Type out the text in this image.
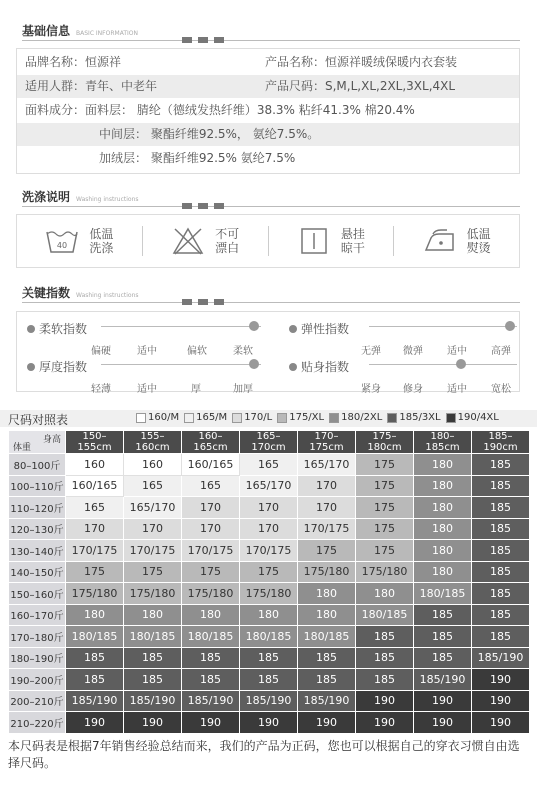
基础信息 BASIC INFORMATION
品牌名称：恒源祥	产品名称：恒源祥暖绒保暖内衣套装
适用人群：青年、中老年	产品尺码：S,M,L,XL,2XL,3XL,4XL
面料成分：面料层： 腈纶（德绒发热纤维）38.3% 粘纤41.3% 棉20.4%
中间层： 聚酯纤维92.5%， 氨纶7.5%。
加绒层： 聚酯纤维92.5% 氨纶7.5%
洗涤说明 Washing instructions
40
低温
洗涤
不可
漂白
悬挂
晾干
低温
熨烫
关键指数 Washing instructions
柔软指数
偏硬	适中	偏软	柔软
弹性指数
无弹 微弹 适中 高弹
厚度指数
轻薄	适中	厚	加厚
贴身指数
紧身 修身 适中 宽松
尺码对照表	160/M 165/M 170/L 175/XL 180/2XL 185/3XL 190/4XL
身高
体重	150–155cm	155–160cm	160–165cm	165–170cm	170–175cm	175–180cm	180–185cm	185–190cm
80–100斤	160	160	160/165	165	165/170	175	180	185
100–110斤	160/165	165	165	165/170	170	175	180	185
110–120斤	165	165/170	170	170	170	175	180	185
120–130斤	170	170	170	170	170/175	175	180	185
130–140斤	170/175	170/175	170/175	170/175	175	175	180	185
140–150斤	175	175	175	175	175/180	175/180	180	185
150–160斤	175/180	175/180	175/180	175/180	180	180	180/185	185
160–170斤	180	180	180	180	180	180/185	185	185
170–180斤	180/185	180/185	180/185	180/185	180/185	185	185	185
180–190斤	185	185	185	185	185	185	185	185/190
190–200斤	185	185	185	185	185	185	185/190	190
200–210斤	185/190	185/190	185/190	185/190	185/190	190	190	190
210–220斤	190	190	190	190	190	190	190	190
本尺码表是根据7年销售经验总结而来，我们的产品为正码，您也可以根据自己的穿衣习惯自由选择尺码。
